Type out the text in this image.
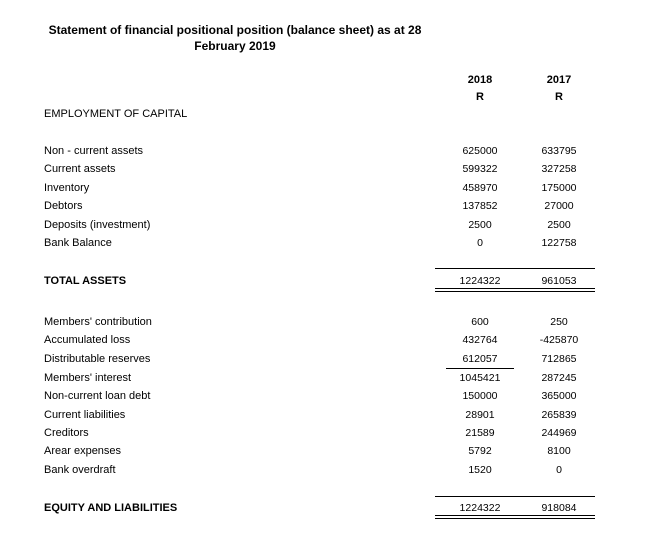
Statement of financial positional position (balance sheet) as at 28
February 2019
2018
R
2017
R
EMPLOYMENT OF CAPITAL
Non - current assets	625000	633795
Current assets	599322	327258
Inventory	458970	175000
Debtors	137852	27000
Deposits (investment)	2500	2500
Bank Balance	0	122758
TOTAL ASSETS	1224322	961053
Members' contribution	600	250
Accumulated loss	432764	-425870
Distributable reserves	612057	712865
Members' interest	1045421	287245
Non-current loan debt	150000	365000
Current liabilities	28901	265839
Creditors	21589	244969
Arear expenses	5792	8100
Bank overdraft	1520	0
EQUITY AND LIABILITIES	1224322	918084
